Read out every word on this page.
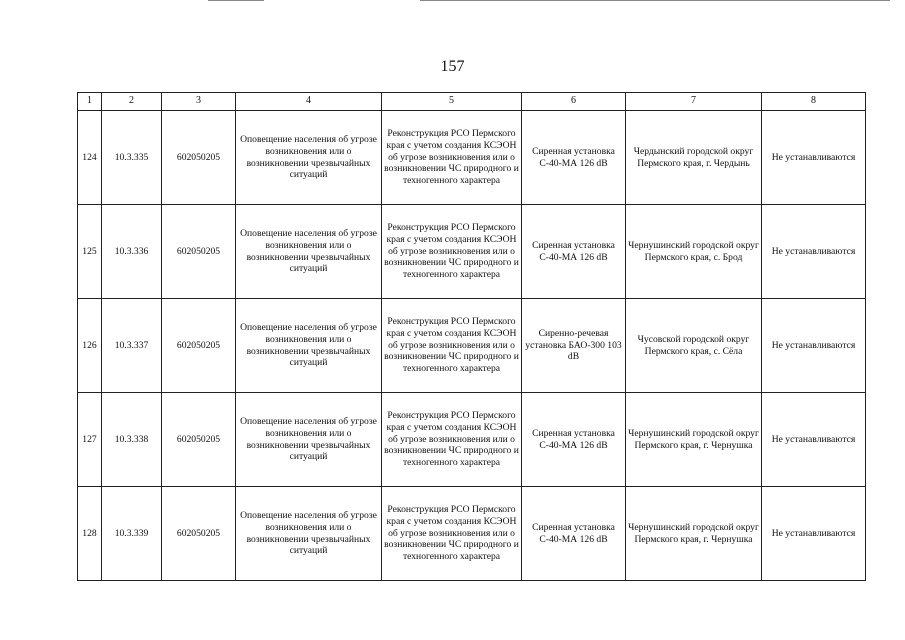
157
1	2	3	4	5	6	7	8
124	10.3.335	602050205	Оповещение населения об угрозе возникновения или о возникновении чрезвычайных ситуаций	Реконструкция РСО Пермского края с учетом создания КСЭОН об угрозе возникновения или о возникновении ЧС природного и техногенного характера	Сиренная установка С-40-МА 126 dB	Чердынский городской округ Пермского края, г. Чердынь	Не устанавливаются
125	10.3.336	602050205	Оповещение населения об угрозе возникновения или о возникновении чрезвычайных ситуаций	Реконструкция РСО Пермского края с учетом создания КСЭОН об угрозе возникновения или о возникновении ЧС природного и техногенного характера	Сиренная установка С-40-МА 126 dB	Чернушинский городской округ Пермского края, с. Брод	Не устанавливаются
126	10.3.337	602050205	Оповещение населения об угрозе возникновения или о возникновении чрезвычайных ситуаций	Реконструкция РСО Пермского края с учетом создания КСЭОН об угрозе возникновения или о возникновении ЧС природного и техногенного характера	Сиренно-речевая установка БАО-300 103 dB	Чусовской городской округ Пермского края, с. Сёла	Не устанавливаются
127	10.3.338	602050205	Оповещение населения об угрозе возникновения или о возникновении чрезвычайных ситуаций	Реконструкция РСО Пермского края с учетом создания КСЭОН об угрозе возникновения или о возникновении ЧС природного и техногенного характера	Сиренная установка С-40-МА 126 dB	Чернушинский городской округ Пермского края, г. Чернушка	Не устанавливаются
128	10.3.339	602050205	Оповещение населения об угрозе возникновения или о возникновении чрезвычайных ситуаций	Реконструкция РСО Пермского края с учетом создания КСЭОН об угрозе возникновения или о возникновении ЧС природного и техногенного характера	Сиренная установка С-40-МА 126 dB	Чернушинский городской округ Пермского края, г. Чернушка	Не устанавливаются
